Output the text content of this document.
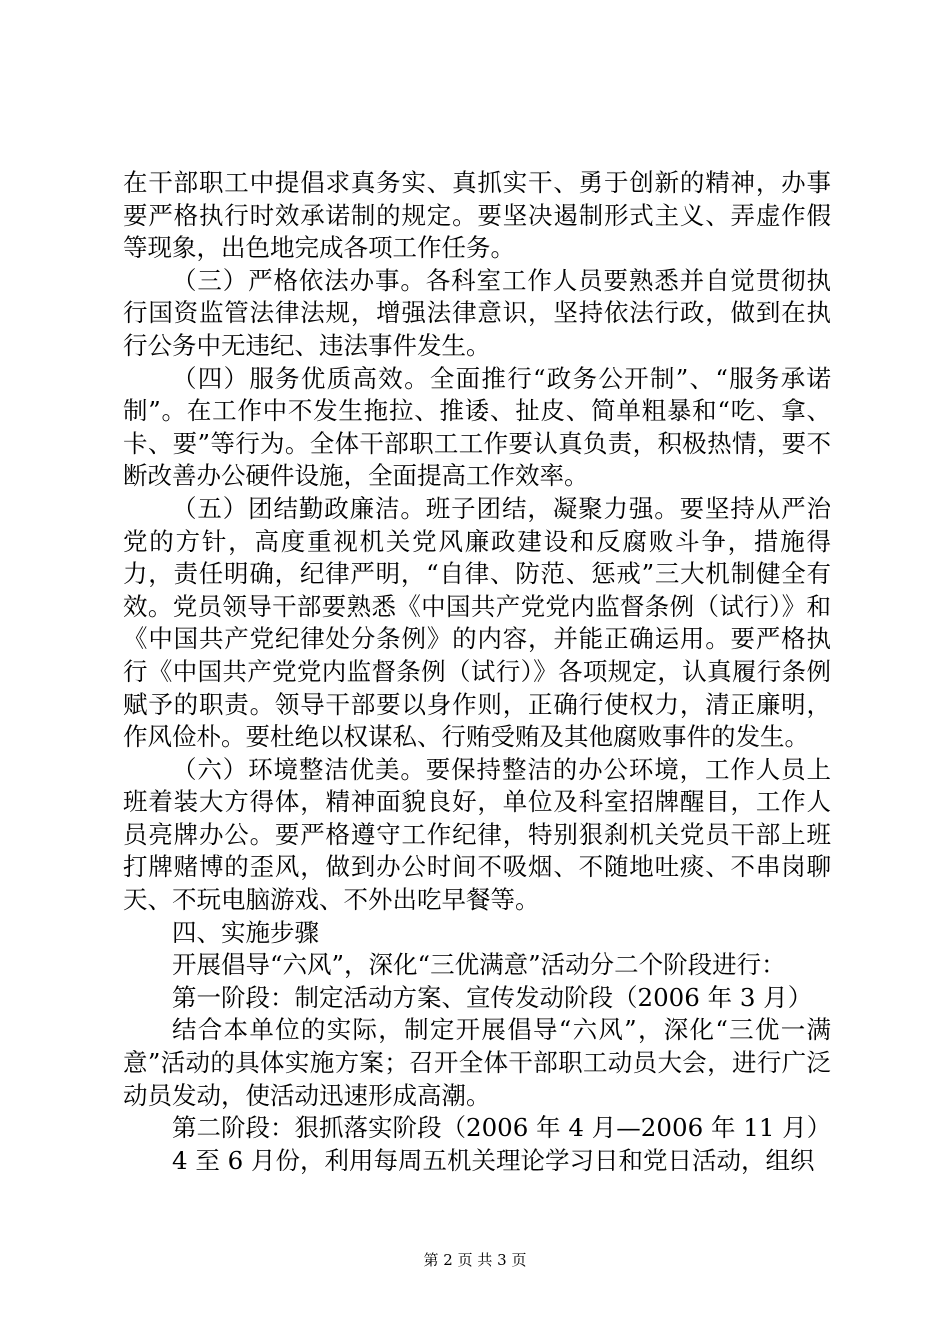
在干部职工中提倡求真务实、真抓实干、勇于创新的精神，办事要严格执行时效承诺制的规定。要坚决遏制形式主义、弄虚作假等现象，出色地完成各项工作任务。

（三）严格依法办事。各科室工作人员要熟悉并自觉贯彻执行国资监管法律法规，增强法律意识，坚持依法行政，做到在执行公务中无违纪、违法事件发生。

（四）服务优质高效。全面推行“政务公开制”、“服务承诺制”。在工作中不发生拖拉、推诿、扯皮、简单粗暴和“吃、拿、卡、要”等行为。全体干部职工工作要认真负责，积极热情，要不断改善办公硬件设施，全面提高工作效率。

（五）团结勤政廉洁。班子团结，凝聚力强。要坚持从严治党的方针，高度重视机关党风廉政建设和反腐败斗争，措施得力，责任明确，纪律严明，“自律、防范、惩戒”三大机制健全有效。党员领导干部要熟悉《中国共产党党内监督条例（试行）》和《中国共产党纪律处分条例》的内容，并能正确运用。要严格执行《中国共产党党内监督条例（试行）》各项规定，认真履行条例赋予的职责。领导干部要以身作则，正确行使权力，清正廉明，作风俭朴。要杜绝以权谋私、行贿受贿及其他腐败事件的发生。

（六）环境整洁优美。要保持整洁的办公环境，工作人员上班着装大方得体，精神面貌良好，单位及科室招牌醒目，工作人员亮牌办公。要严格遵守工作纪律，特别狠刹机关党员干部上班打牌赌博的歪风，做到办公时间不吸烟、不随地吐痰、不串岗聊天、不玩电脑游戏、不外出吃早餐等。

四、实施步骤

开展倡导“六风”，深化“三优满意”活动分二个阶段进行：

第一阶段：制定活动方案、宣传发动阶段（2006 年 3 月）

结合本单位的实际，制定开展倡导“六风”，深化“三优一满意”活动的具体实施方案；召开全体干部职工动员大会，进行广泛动员发动，使活动迅速形成高潮。

第二阶段：狠抓落实阶段（2006 年 4 月—2006 年 11 月）

4 至 6 月份，利用每周五机关理论学习日和党日活动，组织

第 2 页 共 3 页
